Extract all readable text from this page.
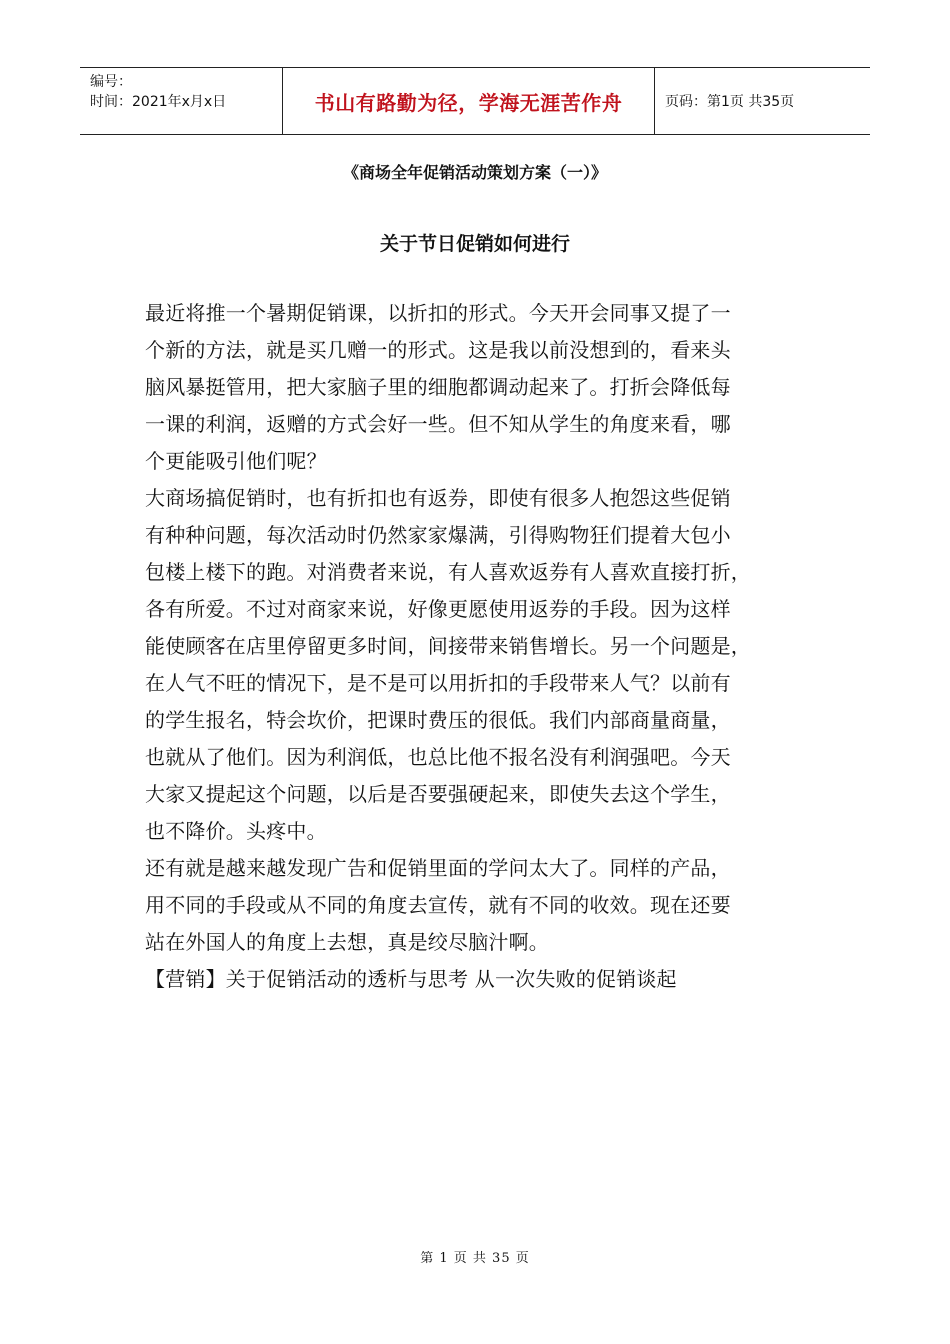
编号：
时间：2021年x月x日	书山有路勤为径，学海无涯苦作舟	页码：第1页 共35页
《商场全年促销活动策划方案（一）》
关于节日促销如何进行

最近将推一个暑期促销课，以折扣的形式。今天开会同事又提了一
个新的方法，就是买几赠一的形式。这是我以前没想到的，看来头
脑风暴挺管用，把大家脑子里的细胞都调动起来了。打折会降低每
一课的利润，返赠的方式会好一些。但不知从学生的角度来看，哪
个更能吸引他们呢？

大商场搞促销时，也有折扣也有返券，即使有很多人抱怨这些促销
有种种问题，每次活动时仍然家家爆满，引得购物狂们提着大包小
包楼上楼下的跑。对消费者来说，有人喜欢返券有人喜欢直接打折，
各有所爱。不过对商家来说，好像更愿使用返券的手段。因为这样
能使顾客在店里停留更多时间，间接带来销售增长。另一个问题是，
在人气不旺的情况下，是不是可以用折扣的手段带来人气？以前有
的学生报名，特会坎价，把课时费压的很低。我们内部商量商量，
也就从了他们。因为利润低，也总比他不报名没有利润强吧。今天
大家又提起这个问题，以后是否要强硬起来，即使失去这个学生，
也不降价。头疼中。

还有就是越来越发现广告和促销里面的学问太大了。同样的产品，
用不同的手段或从不同的角度去宣传，就有不同的收效。现在还要
站在外国人的角度上去想，真是绞尽脑汁啊。

【营销】关于促销活动的透析与思考 从一次失败的促销谈起

第 1 页 共 35 页
